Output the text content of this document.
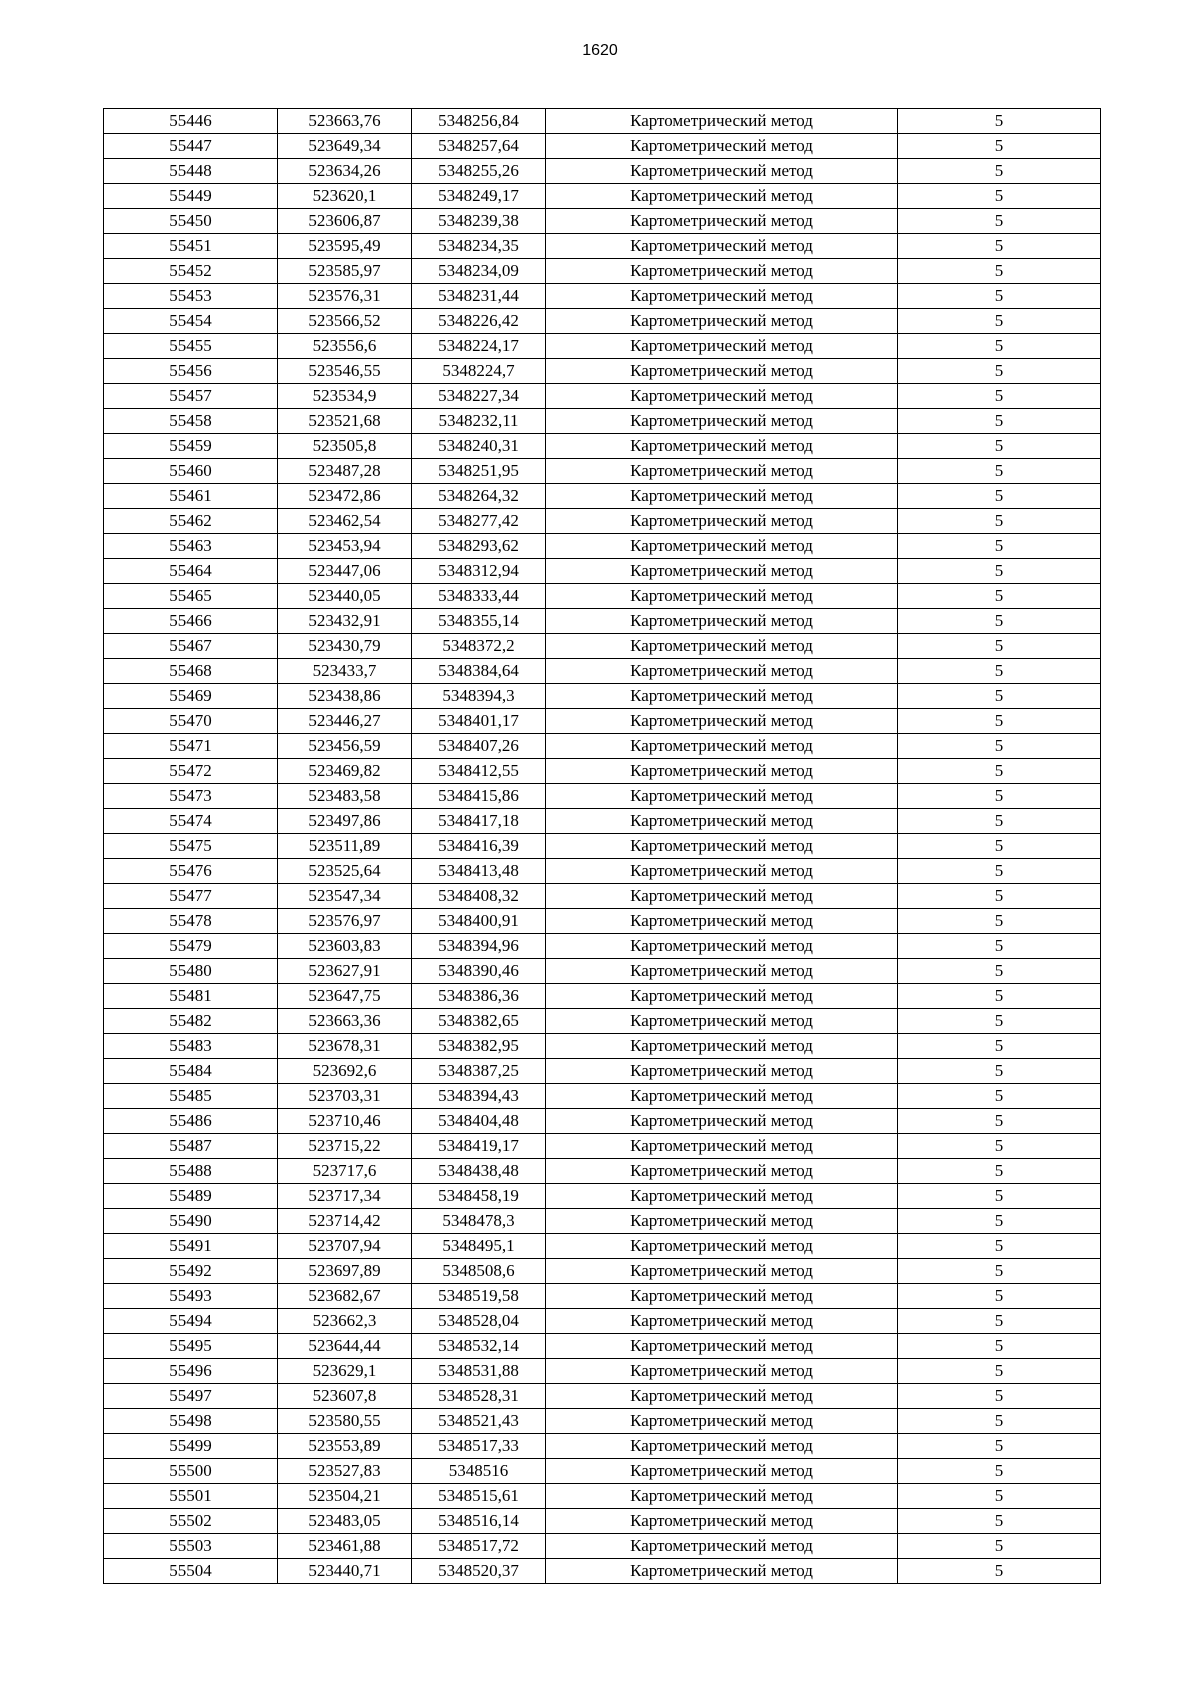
1620
55446	523663,76	5348256,84	Картометрический метод	5
55447	523649,34	5348257,64	Картометрический метод	5
55448	523634,26	5348255,26	Картометрический метод	5
55449	523620,1	5348249,17	Картометрический метод	5
55450	523606,87	5348239,38	Картометрический метод	5
55451	523595,49	5348234,35	Картометрический метод	5
55452	523585,97	5348234,09	Картометрический метод	5
55453	523576,31	5348231,44	Картометрический метод	5
55454	523566,52	5348226,42	Картометрический метод	5
55455	523556,6	5348224,17	Картометрический метод	5
55456	523546,55	5348224,7	Картометрический метод	5
55457	523534,9	5348227,34	Картометрический метод	5
55458	523521,68	5348232,11	Картометрический метод	5
55459	523505,8	5348240,31	Картометрический метод	5
55460	523487,28	5348251,95	Картометрический метод	5
55461	523472,86	5348264,32	Картометрический метод	5
55462	523462,54	5348277,42	Картометрический метод	5
55463	523453,94	5348293,62	Картометрический метод	5
55464	523447,06	5348312,94	Картометрический метод	5
55465	523440,05	5348333,44	Картометрический метод	5
55466	523432,91	5348355,14	Картометрический метод	5
55467	523430,79	5348372,2	Картометрический метод	5
55468	523433,7	5348384,64	Картометрический метод	5
55469	523438,86	5348394,3	Картометрический метод	5
55470	523446,27	5348401,17	Картометрический метод	5
55471	523456,59	5348407,26	Картометрический метод	5
55472	523469,82	5348412,55	Картометрический метод	5
55473	523483,58	5348415,86	Картометрический метод	5
55474	523497,86	5348417,18	Картометрический метод	5
55475	523511,89	5348416,39	Картометрический метод	5
55476	523525,64	5348413,48	Картометрический метод	5
55477	523547,34	5348408,32	Картометрический метод	5
55478	523576,97	5348400,91	Картометрический метод	5
55479	523603,83	5348394,96	Картометрический метод	5
55480	523627,91	5348390,46	Картометрический метод	5
55481	523647,75	5348386,36	Картометрический метод	5
55482	523663,36	5348382,65	Картометрический метод	5
55483	523678,31	5348382,95	Картометрический метод	5
55484	523692,6	5348387,25	Картометрический метод	5
55485	523703,31	5348394,43	Картометрический метод	5
55486	523710,46	5348404,48	Картометрический метод	5
55487	523715,22	5348419,17	Картометрический метод	5
55488	523717,6	5348438,48	Картометрический метод	5
55489	523717,34	5348458,19	Картометрический метод	5
55490	523714,42	5348478,3	Картометрический метод	5
55491	523707,94	5348495,1	Картометрический метод	5
55492	523697,89	5348508,6	Картометрический метод	5
55493	523682,67	5348519,58	Картометрический метод	5
55494	523662,3	5348528,04	Картометрический метод	5
55495	523644,44	5348532,14	Картометрический метод	5
55496	523629,1	5348531,88	Картометрический метод	5
55497	523607,8	5348528,31	Картометрический метод	5
55498	523580,55	5348521,43	Картометрический метод	5
55499	523553,89	5348517,33	Картометрический метод	5
55500	523527,83	5348516	Картометрический метод	5
55501	523504,21	5348515,61	Картометрический метод	5
55502	523483,05	5348516,14	Картометрический метод	5
55503	523461,88	5348517,72	Картометрический метод	5
55504	523440,71	5348520,37	Картометрический метод	5
